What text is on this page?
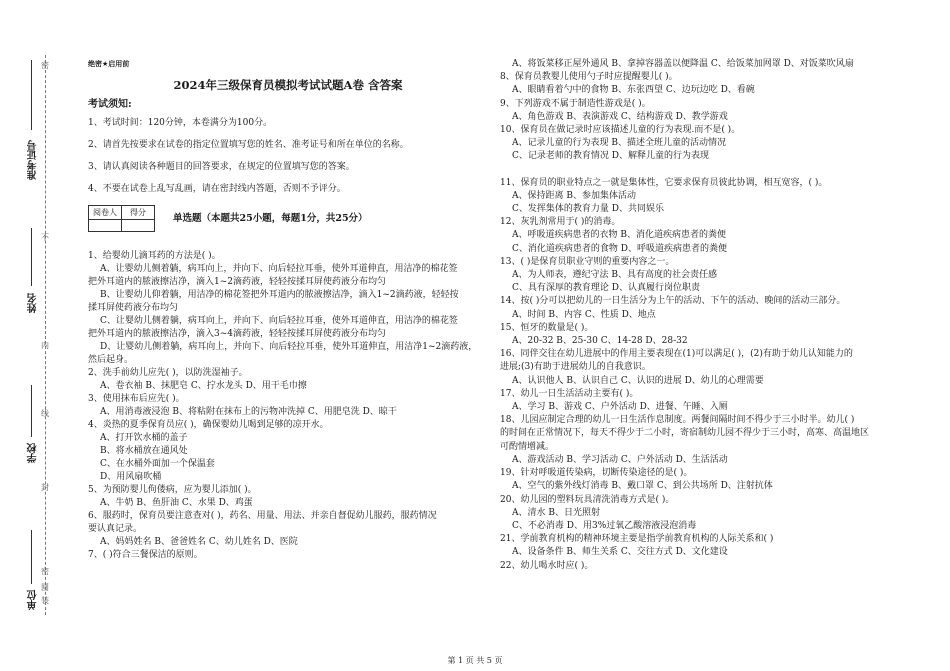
密
不
内
线
封
密
圆
装
准考证号
姓名
学校
单位
绝密★启用前
2024年三级保育员模拟考试试题A卷 含答案
考试须知:

1、考试时间：120分钟，本卷满分为100分。

2、请首先按要求在试卷的指定位置填写您的姓名、准考证号和所在单位的名称。

3、请认真阅读各种题目的回答要求，在规定的位置填写您的答案。

4、不要在试卷上乱写乱画，请在密封线内答题，否则不予评分。

阅卷人	得分

单选题（本题共25小题，每题1分，共25分）
1、给婴幼儿滴耳药的方法是( )。
A、让婴幼儿侧着躺，病耳向上，并向下、向后轻拉耳垂，使外耳道伸直，用洁净的棉花签
把外耳道内的脓液擦洁净，滴入1~2滴药液，轻轻按揉耳屏使药液分布均匀
B、让婴幼儿仰着躺，用洁净的棉花签把外耳道内的脓液擦洁净，滴入1~2滴药液，轻轻按
揉耳屏使药液分布均匀
C、让婴幼儿侧着躺，病耳向上，并向下、向后轻拉耳垂，使外耳道伸直，用洁净的棉花签
把外耳道内的脓液擦洁净，滴入3~4滴药液，轻轻按揉耳屏使药液分布均匀
D、让婴幼儿侧着躺，病耳向上，并向下、向后轻拉耳垂，使外耳道伸直，用洁净1~2滴药液，
然后起身。
2、洗手前幼儿应先( )，以防洗湿袖子。
A、卷衣袖 B、抹肥皂 C、拧水龙头 D、用干毛巾擦
3、使用抹布后应先( )。
A、用消毒液浸泡 B、将粘附在抹布上的污物冲洗掉 C、用肥皂洗 D、晾干
4、炎热的夏季保育员应( )，确保婴幼儿喝到足够的凉开水。
A、打开饮水桶的盖子
B、将水桶放在通风处
C、在水桶外面加一个保温套
D、用风扇吹桶
5、为预防婴儿佝偻病，应为婴儿添加( )。
A、牛奶 B、鱼肝油 C、水果 D、鸡蛋
6、服药时，保育员要注意查对( )，药名、用量、用法、并亲自督促幼儿服药，服药情况
要认真记录。
A、妈妈姓名 B、爸爸姓名 C、幼儿姓名 D、医院
7、( )符合三餐保洁的原则。
A、将饭菜移正屋外通风 B、拿掉容器盖以便降温 C、给饭菜加网罩 D、对饭菜吹风扇
8、保育员教婴儿使用勺子时应提醒婴儿( )。
A、眼睛看着勺中的食物 B、东张西望 C、边玩边吃 D、看碗
9、下列游戏不属于制造性游戏是( )。
A、角色游戏 B、表演游戏 C、结构游戏 D、教学游戏
10、保育员在做记录时应该描述儿童的行为表现.而不是( )。
A、记录儿童的行为表现 B、描述全班儿童的活动情况
C、记录老师的教育情况 D、解释儿童的行为表现
11、保育员的职业特点之一就是集体性，它要求保育员彼此协调，相互宽容，( )。
A、保持距离 B、参加集体活动
C、发挥集体的教育力量 D、共同娱乐
12、灰乳剂常用于( )的消毒。
A、呼吸道疾病患者的衣物 B、消化道疾病患者的粪便
C、消化道疾病患者的食物 D、呼吸道疾病患者的粪便
13、( )是保育员职业守则的重要内容之一。
A、为人师表，遵纪守法 B、具有高度的社会责任感
C、具有深厚的教育理论 D、认真履行岗位职责
14、按( )分可以把幼儿的一日生活分为上午的活动、下午的活动、晚间的活动三部分。
A、时间 B、内容 C、性质 D、地点
15、恒牙的数量是( )。
A、20-32 B、25-30 C、14-28 D、28-32
16、同伴交往在幼儿进展中的作用主要表现在(1)可以满足( )，(2)有助于幼儿认知能力的
进展;(3)有助于进展幼儿的自我意识。
A、认识他人 B、认识自己 C、认识的进展 D、幼儿的心理需要
17、幼儿一日生活活动主要有( )。
A、学习 B、游戏 C、户外活动 D、进餐、午睡、入厕
18、儿园应制定合理的幼儿一日生活作息制度。两餐间隔时间不得少于三小时半。幼儿( )
的时间在正常情况下，每天不得少于二小时，寄宿制幼儿园不得少于三小时，高寒、高温地区
可酌情增减。
A、游戏活动 B、学习活动 C、户外活动 D、生活活动
19、针对呼吸道传染病，切断传染途径的是( )。
A、空气的紫外线灯消毒 B、戴口罩 C、到公共场所 D、注射抗体
20、幼儿园的塑料玩具清洗消毒方式是( )。
A、清水 B、日光照射
C、不必消毒 D、用3%过氧乙酸溶液浸泡消毒
21、学前教育机构的精神环境主要是指学前教育机构的人际关系和( )
A、设备条件 B、师生关系 C、交往方式 D、文化建设
22、幼儿喝水时应( )。
第 1 页 共 5 页
